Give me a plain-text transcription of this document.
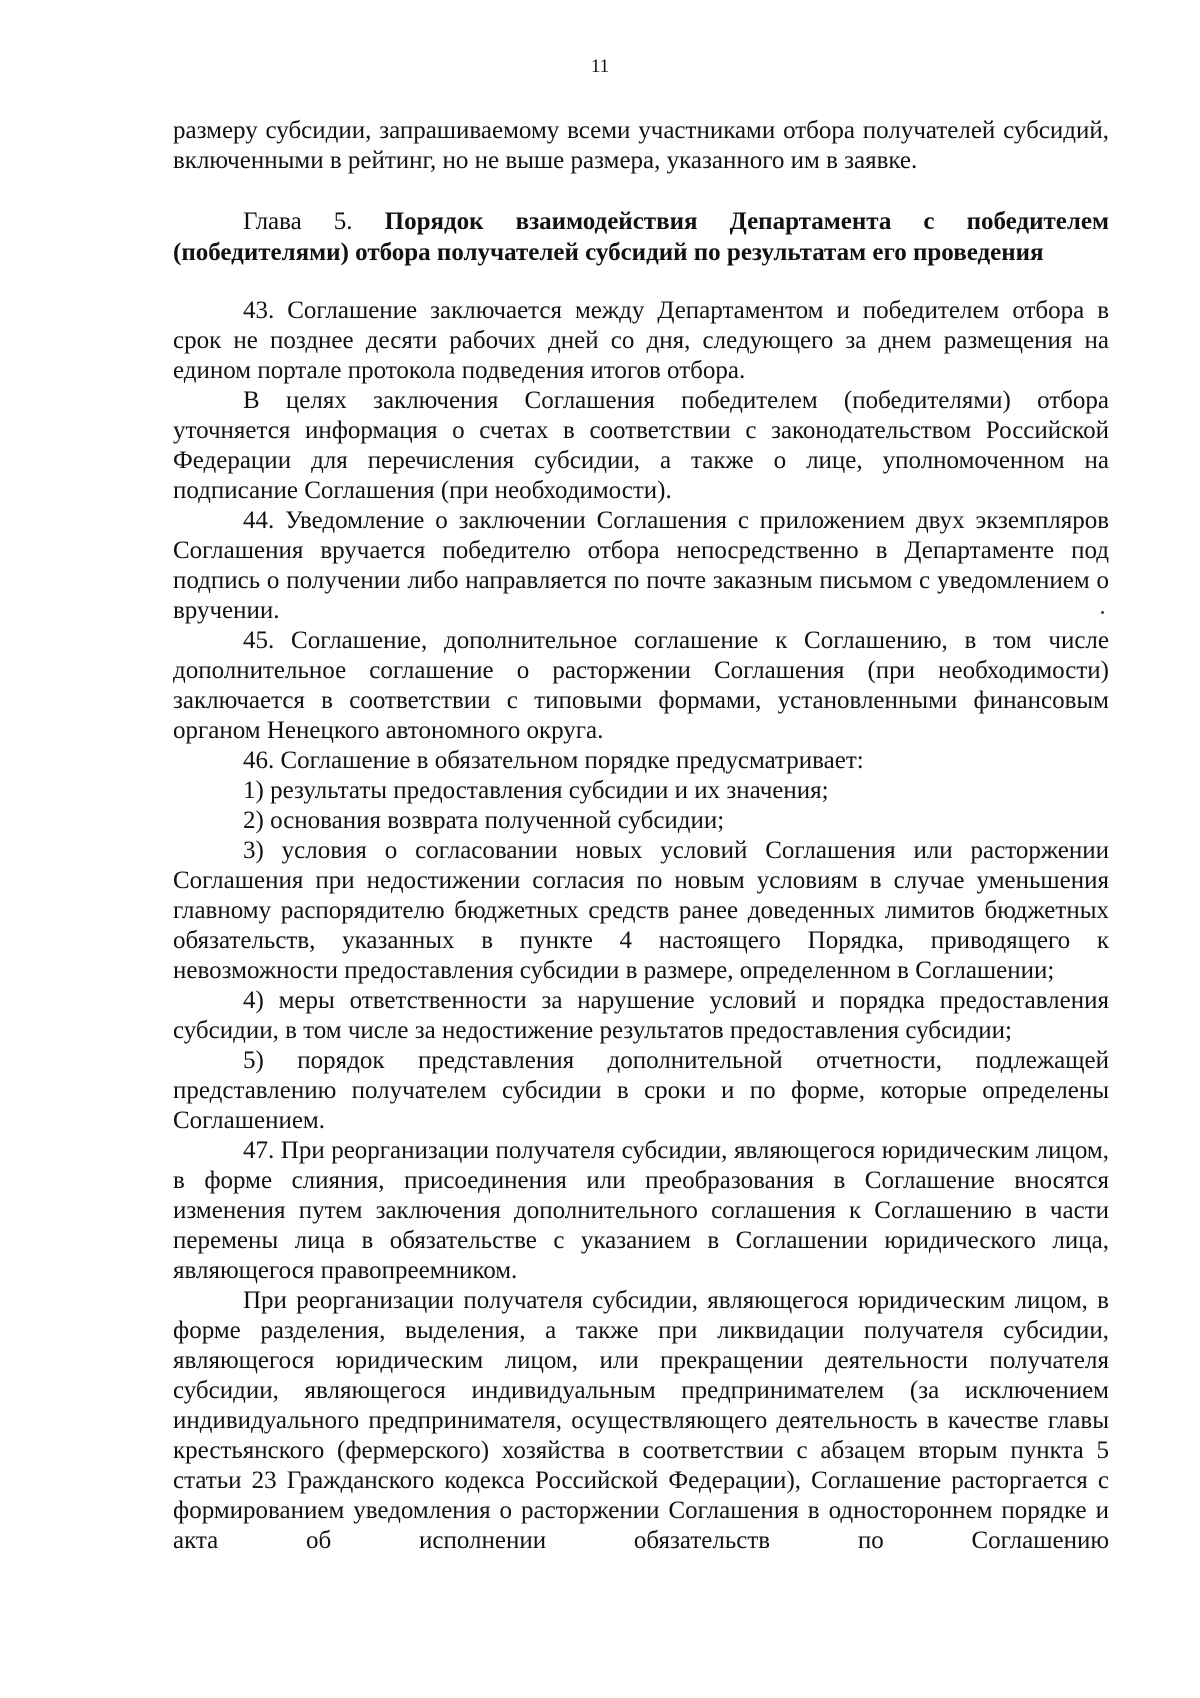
11

размеру субсидии, запрашиваемому всеми участниками отбора получателей субсидий, включенными в рейтинг, но не выше размера, указанного им в заявке.

Глава 5. Порядок взаимодействия Департамента с победителем (победителями) отбора получателей субсидий по результатам его проведения

43. Соглашение заключается между Департаментом и победителем отбора в срок не позднее десяти рабочих дней со дня, следующего за днем размещения на едином портале протокола подведения итогов отбора.

В целях заключения Соглашения победителем (победителями) отбора уточняется информация о счетах в соответствии с законодательством Российской Федерации для перечисления субсидии, а также о лице, уполномоченном на подписание Соглашения (при необходимости).

44. Уведомление о заключении Соглашения с приложением двух экземпляров Соглашения вручается победителю отбора непосредственно в Департаменте под подпись о получении либо направляется по почте заказным письмом с уведомлением о вручении.

45. Соглашение, дополнительное соглашение к Соглашению, в том числе дополнительное соглашение о расторжении Соглашения (при необходимости) заключается в соответствии с типовыми формами, установленными финансовым органом Ненецкого автономного округа.

46. Соглашение в обязательном порядке предусматривает:

1) результаты предоставления субсидии и их значения;

2) основания возврата полученной субсидии;

3) условия о согласовании новых условий Соглашения или расторжении Соглашения при недостижении согласия по новым условиям в случае уменьшения главному распорядителю бюджетных средств ранее доведенных лимитов бюджетных обязательств, указанных в пункте 4 настоящего Порядка, приводящего к невозможности предоставления субсидии в размере, определенном в Соглашении;

4) меры ответственности за нарушение условий и порядка предоставления субсидии, в том числе за недостижение результатов предоставления субсидии;

5) порядок представления дополнительной отчетности, подлежащей представлению получателем субсидии в сроки и по форме, которые определены Соглашением.

47. При реорганизации получателя субсидии, являющегося юридическим лицом, в форме слияния, присоединения или преобразования в Соглашение вносятся изменения путем заключения дополнительного соглашения к Соглашению в части перемены лица в обязательстве с указанием в Соглашении юридического лица, являющегося правопреемником.

При реорганизации получателя субсидии, являющегося юридическим лицом, в форме разделения, выделения, а также при ликвидации получателя субсидии, являющегося юридическим лицом, или прекращении деятельности получателя субсидии, являющегося индивидуальным предпринимателем (за исключением индивидуального предпринимателя, осуществляющего деятельность в качестве главы крестьянского (фермерского) хозяйства в соответствии с абзацем вторым пункта 5 статьи 23 Гражданского кодекса Российской Федерации), Соглашение расторгается с формированием уведомления о расторжении Соглашения в одностороннем порядке и акта об исполнении обязательств по Соглашению
